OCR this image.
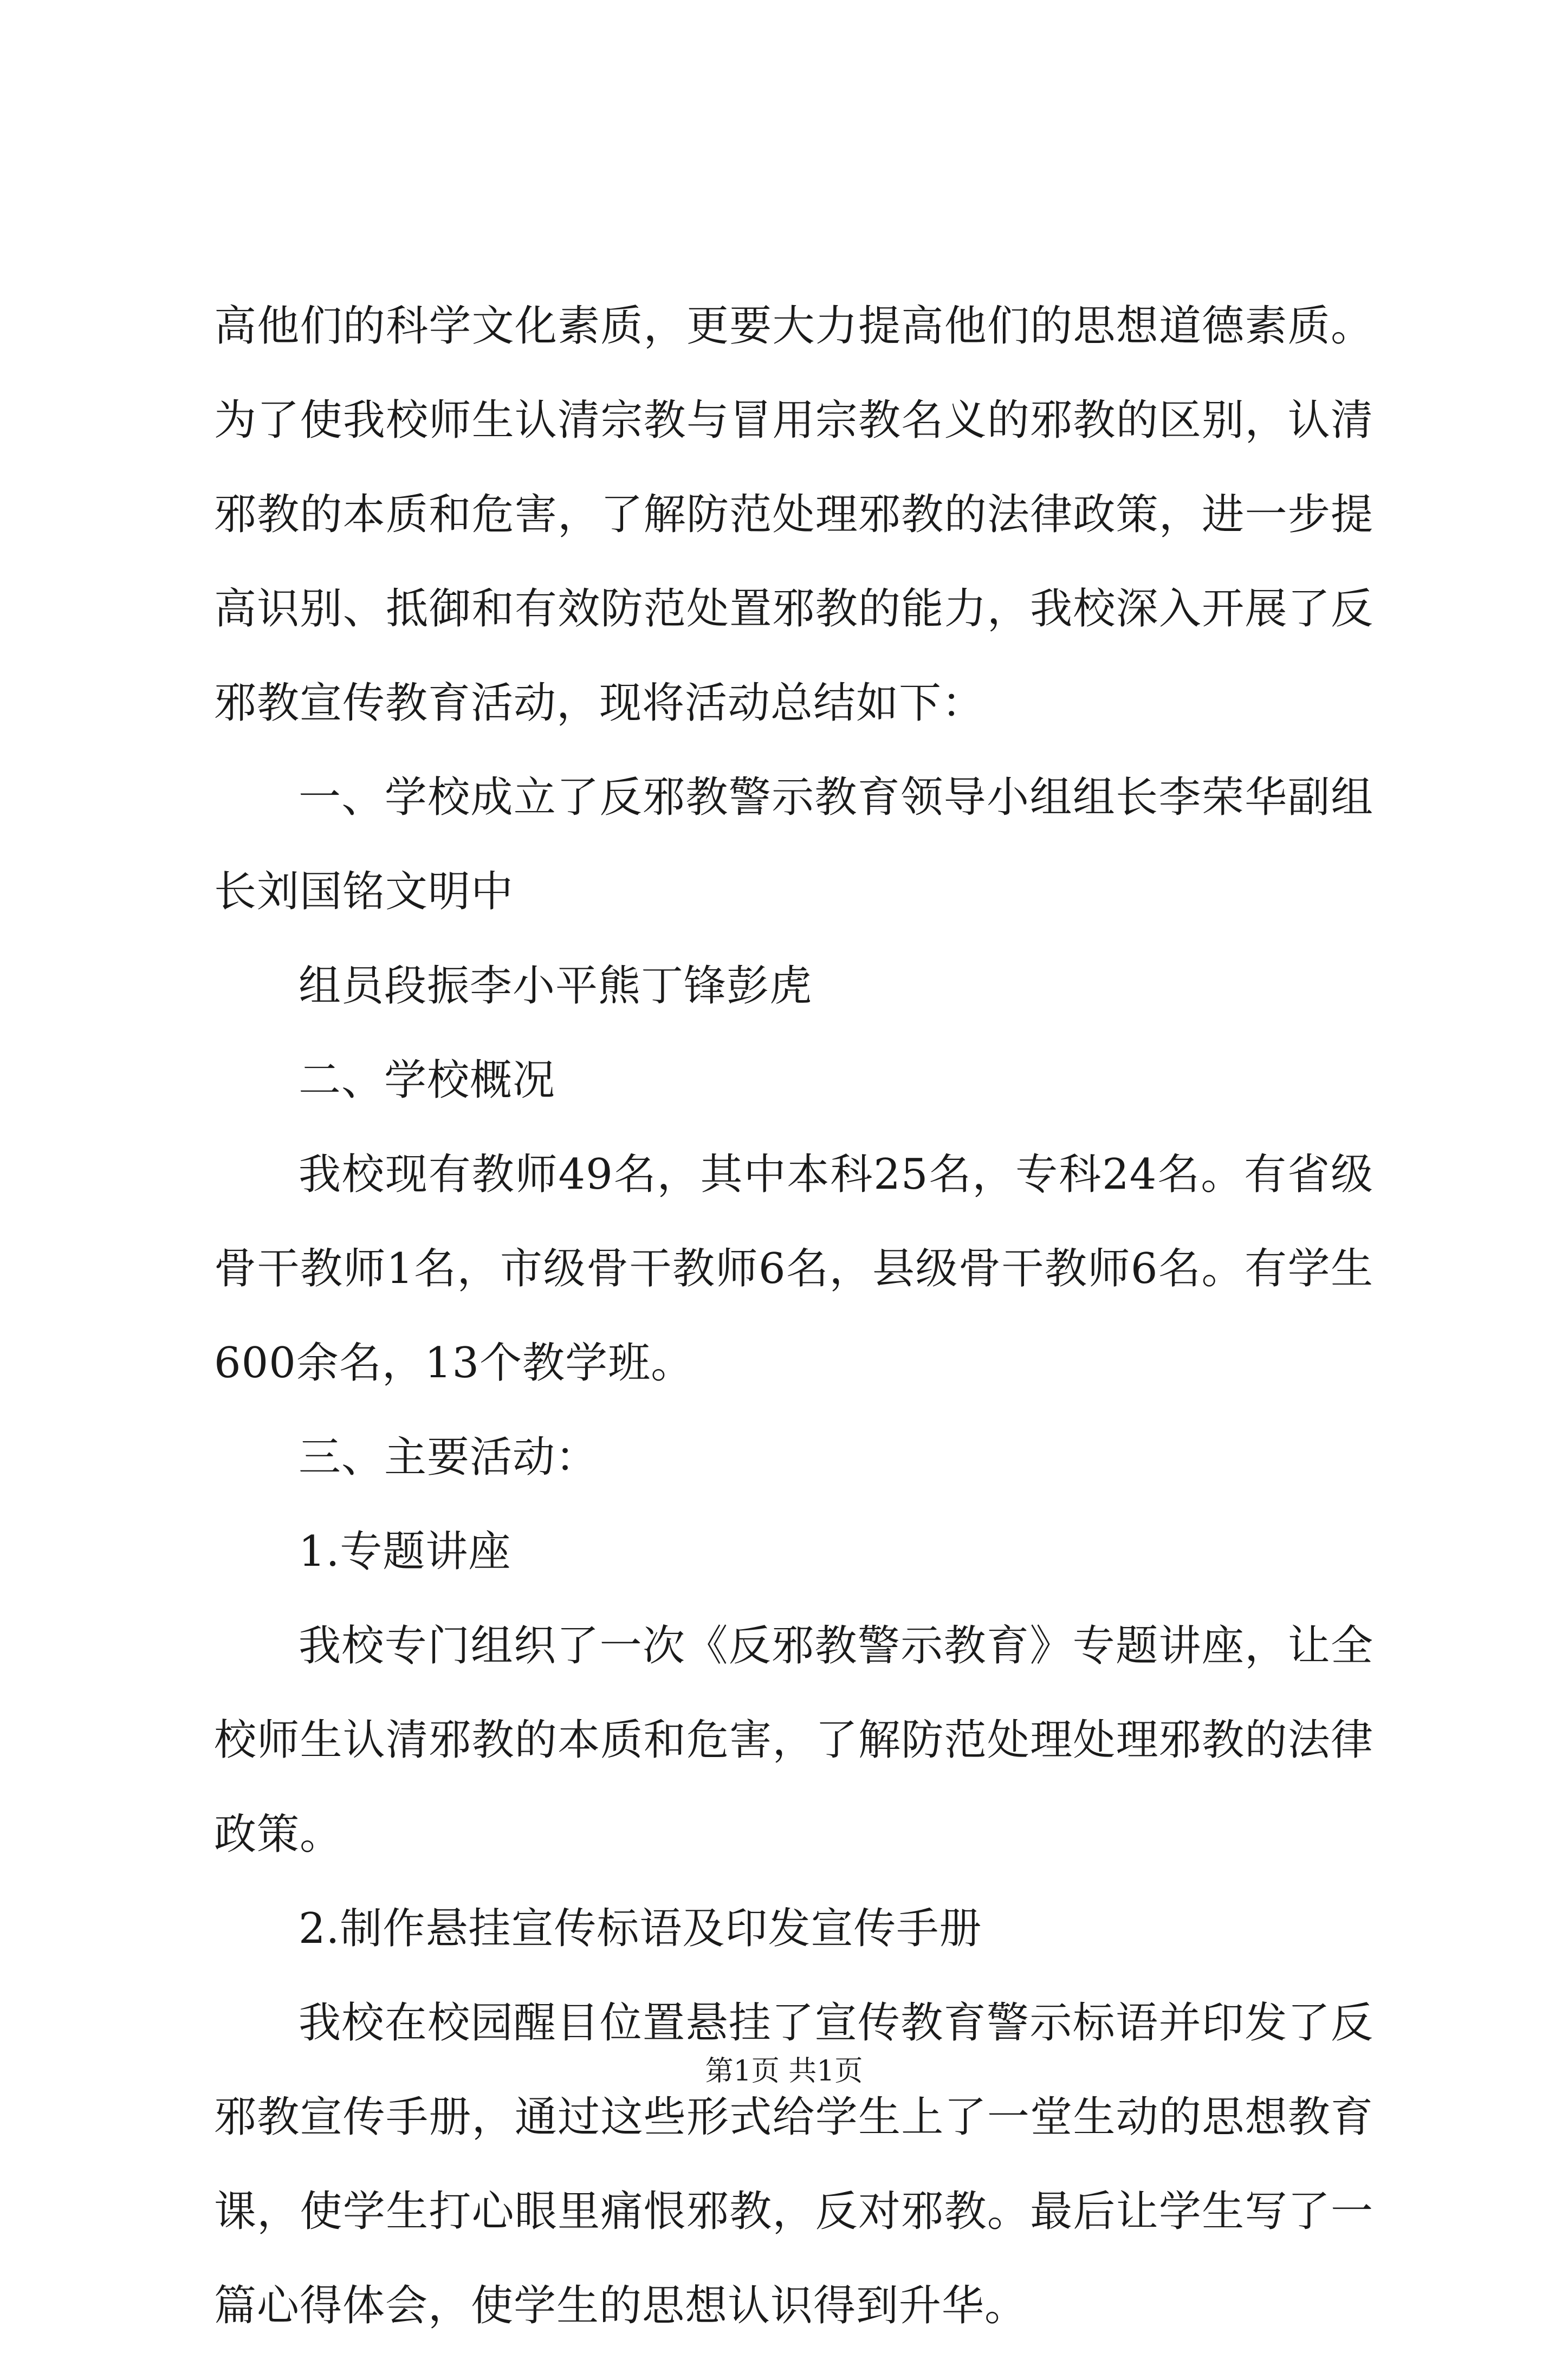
高他们的科学文化素质，更要大力提高他们的思想道德素质。为了使我校师生认清宗教与冒用宗教名义的邪教的区别，认清邪教的本质和危害，了解防范处理邪教的法律政策，进一步提高识别、抵御和有效防范处置邪教的能力，我校深入开展了反邪教宣传教育活动，现将活动总结如下：

一、学校成立了反邪教警示教育领导小组组长李荣华副组长刘国铭文明中

组员段振李小平熊丁锋彭虎

二、学校概况

我校现有教师49名，其中本科25名，专科24名。有省级骨干教师1名，市级骨干教师6名，县级骨干教师6名。有学生600余名，13个教学班。

三、主要活动：

1.专题讲座

我校专门组织了一次《反邪教警示教育》专题讲座，让全校师生认清邪教的本质和危害，了解防范处理处理邪教的法律政策。

2.制作悬挂宣传标语及印发宣传手册

我校在校园醒目位置悬挂了宣传教育警示标语并印发了反邪教宣传手册，通过这些形式给学生上了一堂生动的思想教育课，使学生打心眼里痛恨邪教，反对邪教。最后让学生写了一篇心得体会，使学生的思想认识得到升华。

第1页 共1页
